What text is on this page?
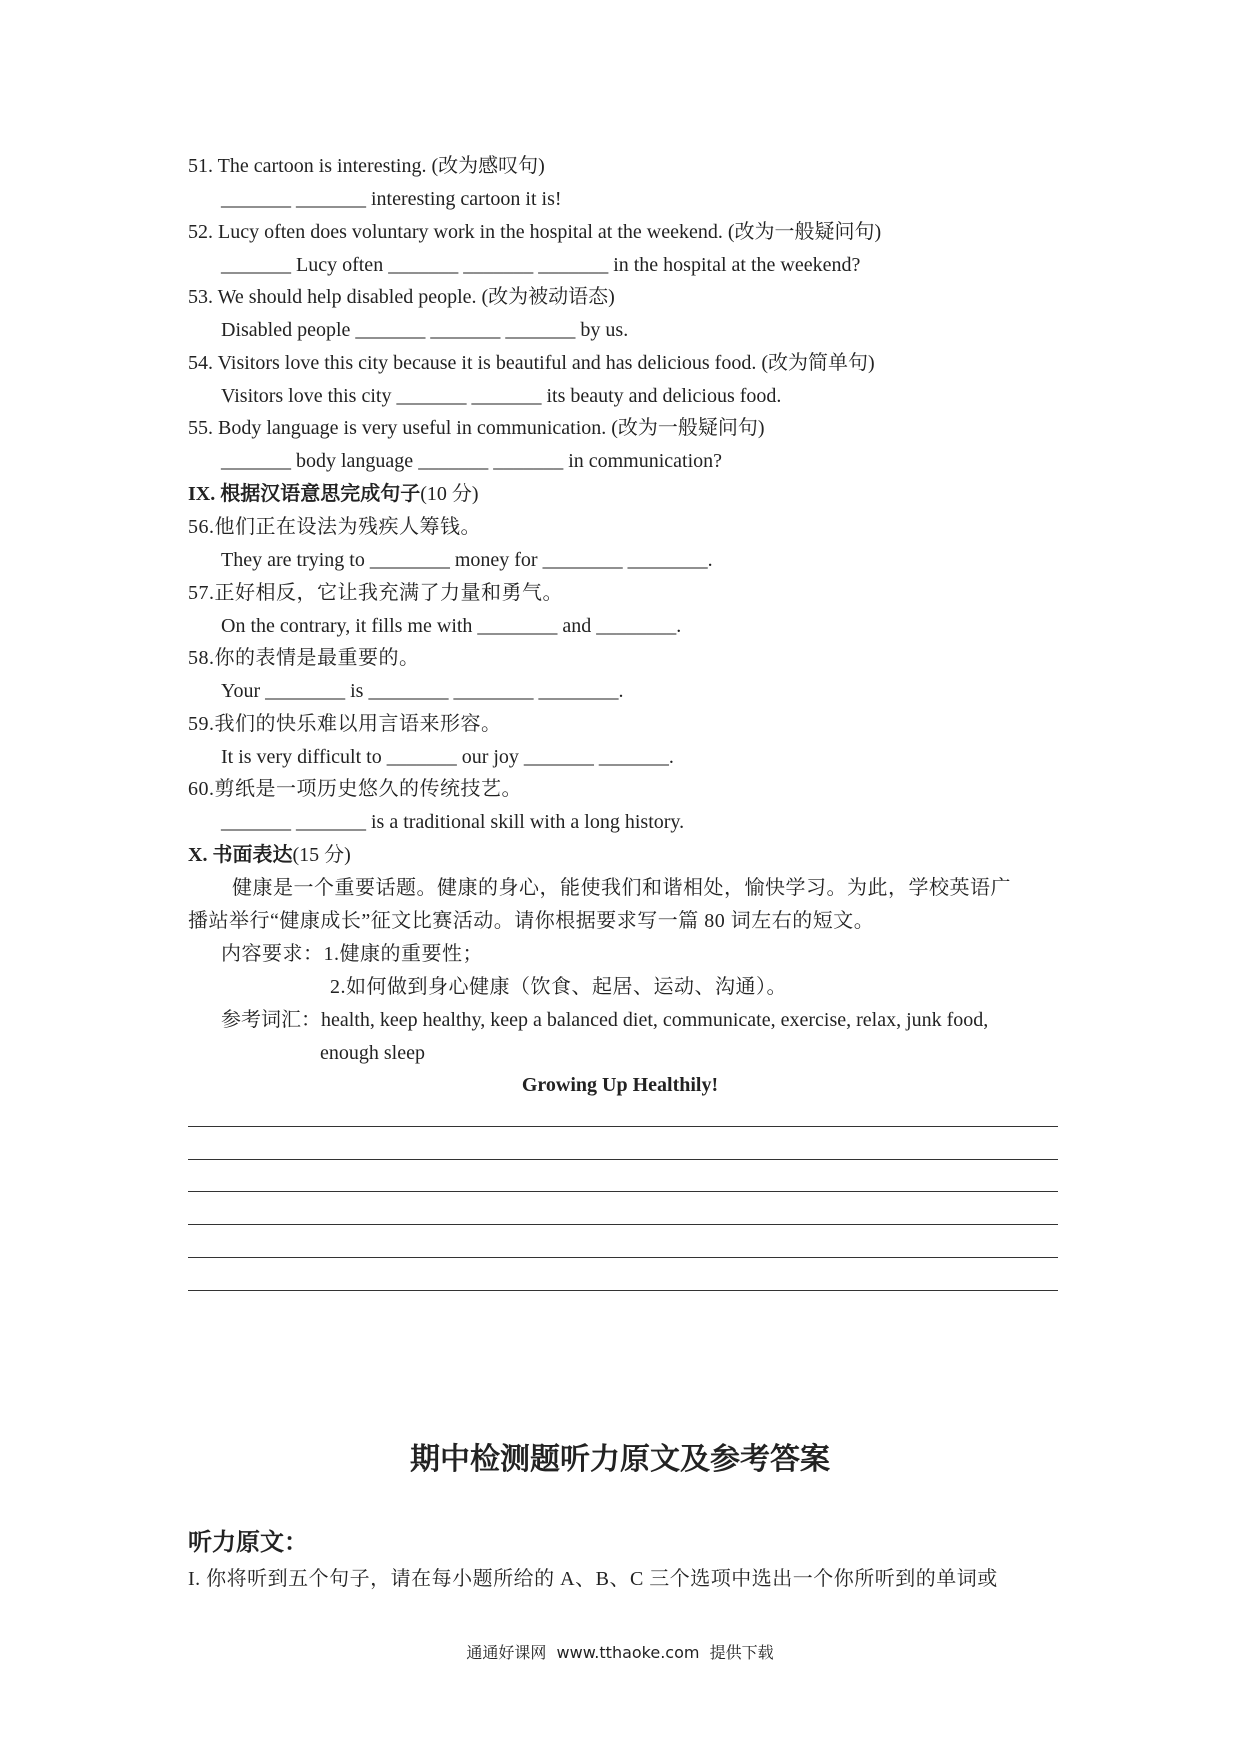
51. The cartoon is interesting. (改为感叹句)
_______ _______ interesting cartoon it is!
52. Lucy often does voluntary work in the hospital at the weekend. (改为一般疑问句)
_______ Lucy often _______ _______ _______ in the hospital at the weekend?
53. We should help disabled people. (改为被动语态)
Disabled people _______ _______ _______ by us.
54. Visitors love this city because it is beautiful and has delicious food. (改为简单句)
Visitors love this city _______ _______ its beauty and delicious food.
55. Body language is very useful in communication. (改为一般疑问句)
_______ body language _______ _______ in communication?
IX. 根据汉语意思完成句子(10 分)
56.他们正在设法为残疾人筹钱。
They are trying to ________ money for ________ ________.
57.正好相反，它让我充满了力量和勇气。
On the contrary, it fills me with ________ and ________.
58.你的表情是最重要的。
Your ________ is ________ ________ ________.
59.我们的快乐难以用言语来形容。
It is very difficult to _______ our joy _______ _______.
60.剪纸是一项历史悠久的传统技艺。
_______ _______ is a traditional skill with a long history.
X. 书面表达(15 分)
健康是一个重要话题。健康的身心，能使我们和谐相处，愉快学习。为此，学校英语广
播站举行“健康成长”征文比赛活动。请你根据要求写一篇 80 词左右的短文。
内容要求：1.健康的重要性；
2.如何做到身心健康（饮食、起居、运动、沟通）。
参考词汇：health, keep healthy, keep a balanced diet, communicate, exercise, relax, junk food,
enough sleep
Growing Up Healthily!
期中检测题听力原文及参考答案
听力原文：
I. 你将听到五个句子，请在每小题所给的 A、B、C 三个选项中选出一个你所听到的单词或
通通好课网  www.tthaoke.com  提供下载
